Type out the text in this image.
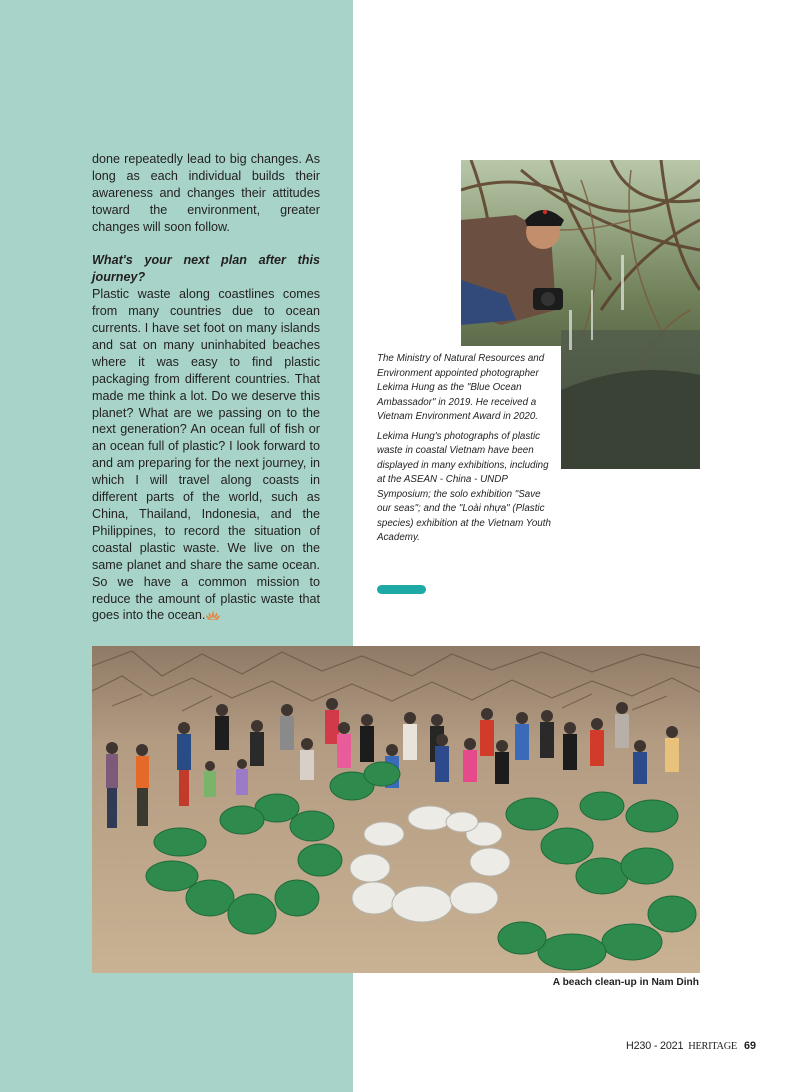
done repeatedly lead to big changes. As long as each individual builds their awareness and changes their attitudes toward the environment, greater changes will soon follow.

What's your next plan after this journey?

Plastic waste along coastlines comes from many countries due to ocean currents. I have set foot on many islands and sat on many uninhabited beaches where it was easy to find plastic packaging from different countries. That made me think a lot. Do we deserve this planet? What are we passing on to the next generation? An ocean full of fish or an ocean full of plastic? I look forward to and am preparing for the next journey, in which I will travel along coasts in different parts of the world, such as China, Thailand, Indonesia, and the Philippines, to record the situation of coastal plastic waste. We live on the same planet and share the same ocean. So we have a common mission to reduce the amount of plastic waste that goes into the ocean.

The Ministry of Natural Resources and Environment appointed photographer Lekima Hung as the "Blue Ocean Ambassador" in 2019. He received a Vietnam Environment Award in 2020.

Lekima Hung's photographs of plastic waste in coastal Vietnam have been displayed in many exhibitions, including at the ASEAN - China - UNDP Symposium; the solo exhibition "Save our seas"; and the "Loài nhựa" (Plastic species) exhibition at the Vietnam Youth Academy.

A beach clean-up in Nam Dinh
H230 - 2021 HERITAGE 69
